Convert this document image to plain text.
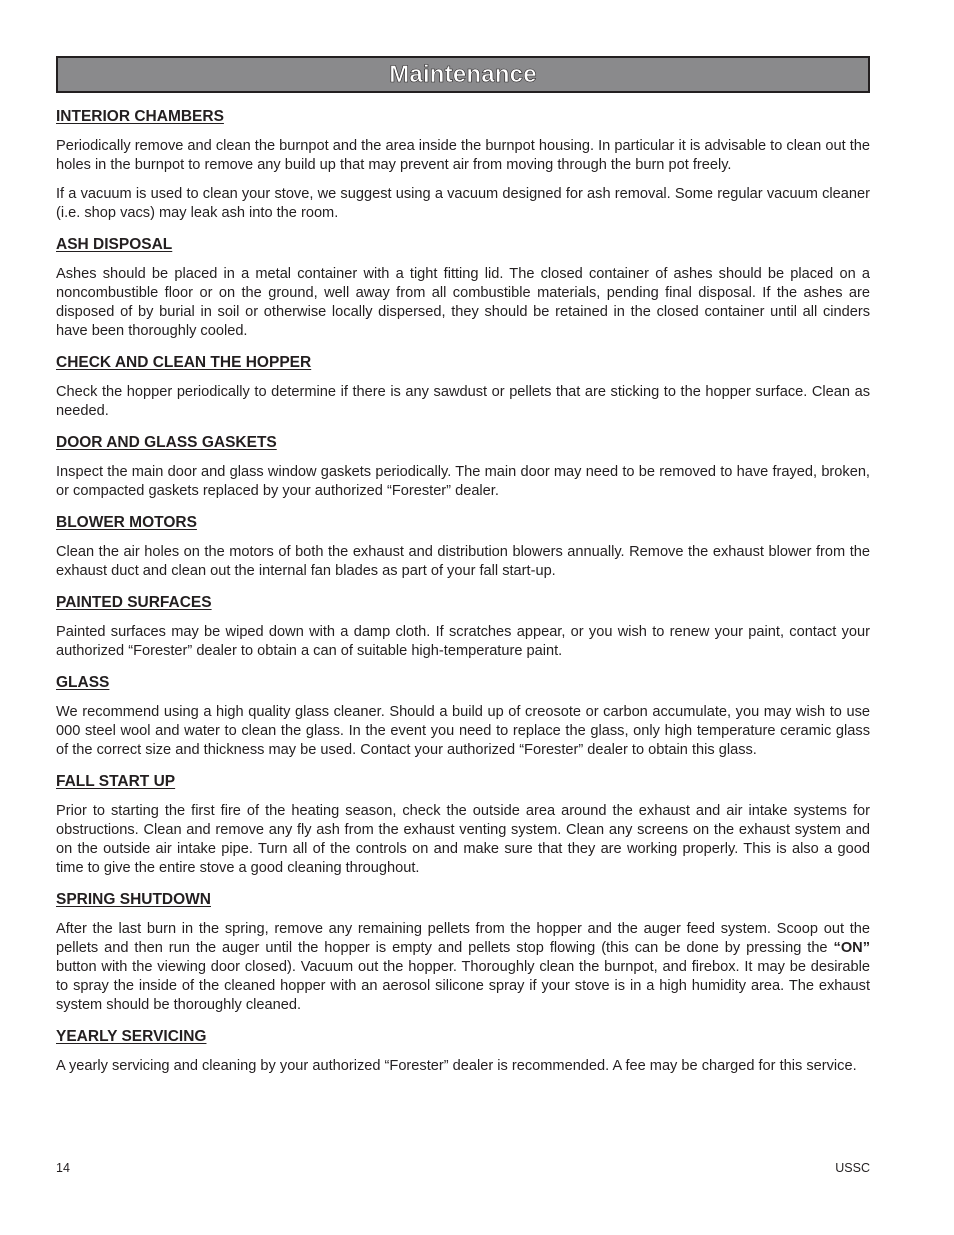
Maintenance
INTERIOR CHAMBERS

Periodically remove and clean the burnpot and the area inside the burnpot housing. In particular it is advisable to clean out the holes in the burnpot to remove any build up that may prevent air from moving through the burn pot freely.

If a vacuum is used to clean your stove, we suggest using a vacuum designed for ash removal. Some regular vacuum cleaner (i.e. shop vacs) may leak ash into the room.

ASH DISPOSAL

Ashes should be placed in a metal container with a tight fitting lid. The closed container of ashes should be placed on a noncombustible floor or on the ground, well away from all combustible materials, pending final disposal. If the ashes are disposed of by burial in soil or otherwise locally dispersed, they should be retained in the closed container until all cinders have been thoroughly cooled.

CHECK AND CLEAN THE HOPPER

Check the hopper periodically to determine if there is any sawdust or pellets that are sticking to the hopper surface. Clean as needed.

DOOR AND GLASS GASKETS

Inspect the main door and glass window gaskets periodically. The main door may need to be removed to have frayed, broken, or compacted gaskets replaced by your authorized “Forester” dealer.

BLOWER MOTORS

Clean the air holes on the motors of both the exhaust and distribution blowers annually. Remove the exhaust blower from the exhaust duct and clean out the internal fan blades as part of your fall start-up.

PAINTED SURFACES

Painted surfaces may be wiped down with a damp cloth. If scratches appear, or you wish to renew your paint, contact your authorized “Forester” dealer to obtain a can of suitable high-temperature paint.

GLASS

We recommend using a high quality glass cleaner. Should a build up of creosote or carbon accumulate, you may wish to use 000 steel wool and water to clean the glass. In the event you need to replace the glass, only high temperature ceramic glass of the correct size and thickness may be used. Contact your authorized “Forester” dealer to obtain this glass.

FALL START UP

Prior to starting the first fire of the heating season, check the outside area around the exhaust and air intake systems for obstructions. Clean and remove any fly ash from the exhaust venting system. Clean any screens on the exhaust system and on the outside air intake pipe. Turn all of the controls on and make sure that they are working properly. This is also a good time to give the entire stove a good cleaning throughout.

SPRING SHUTDOWN

After the last burn in the spring, remove any remaining pellets from the hopper and the auger feed system. Scoop out the pellets and then run the auger until the hopper is empty and pellets stop flowing (this can be done by pressing the “ON” button with the viewing door closed). Vacuum out the hopper. Thoroughly clean the burnpot, and firebox. It may be desirable to spray the inside of the cleaned hopper with an aerosol silicone spray if your stove is in a high humidity area. The exhaust system should be thoroughly cleaned.

YEARLY SERVICING

A yearly servicing and cleaning by your authorized “Forester” dealer is recommended. A fee may be charged for this service.

14	USSC
